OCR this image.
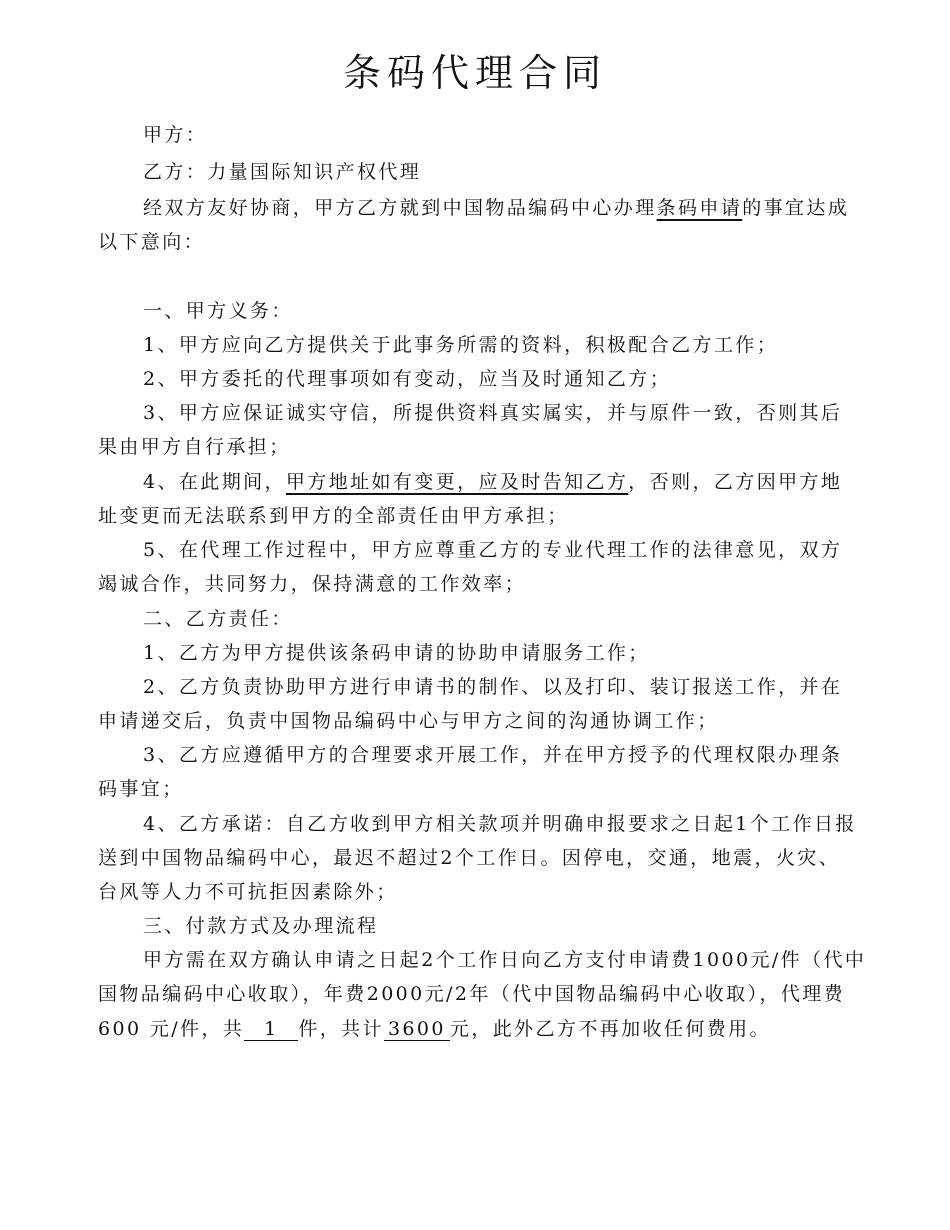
条码代理合同
甲方：
乙方：力量国际知识产权代理
经双方友好协商，甲方乙方就到中国物品编码中心办理条码申请的事宜达成
以下意向：
一、甲方义务：
1、甲方应向乙方提供关于此事务所需的资料，积极配合乙方工作；
2、甲方委托的代理事项如有变动，应当及时通知乙方；
3、甲方应保证诚实守信，所提供资料真实属实，并与原件一致，否则其后
果由甲方自行承担；
4、在此期间，甲方地址如有变更，应及时告知乙方，否则，乙方因甲方地
址变更而无法联系到甲方的全部责任由甲方承担；
5、在代理工作过程中，甲方应尊重乙方的专业代理工作的法律意见，双方
竭诚合作，共同努力，保持满意的工作效率；
二、乙方责任：
1、乙方为甲方提供该条码申请的协助申请服务工作；
2、乙方负责协助甲方进行申请书的制作、以及打印、装订报送工作，并在
申请递交后，负责中国物品编码中心与甲方之间的沟通协调工作；
3、乙方应遵循甲方的合理要求开展工作，并在甲方授予的代理权限办理条
码事宜；
4、乙方承诺：自乙方收到甲方相关款项并明确申报要求之日起1个工作日报
送到中国物品编码中心，最迟不超过2个工作日。因停电，交通，地震，火灾、
台风等人力不可抗拒因素除外；
三、付款方式及办理流程
甲方需在双方确认申请之日起2个工作日向乙方支付申请费1000元/件（代中
国物品编码中心收取），年费2000元/2年（代中国物品编码中心收取），代理费
600 元/件，共 1 件，共计 3600 元，此外乙方不再加收任何费用。
